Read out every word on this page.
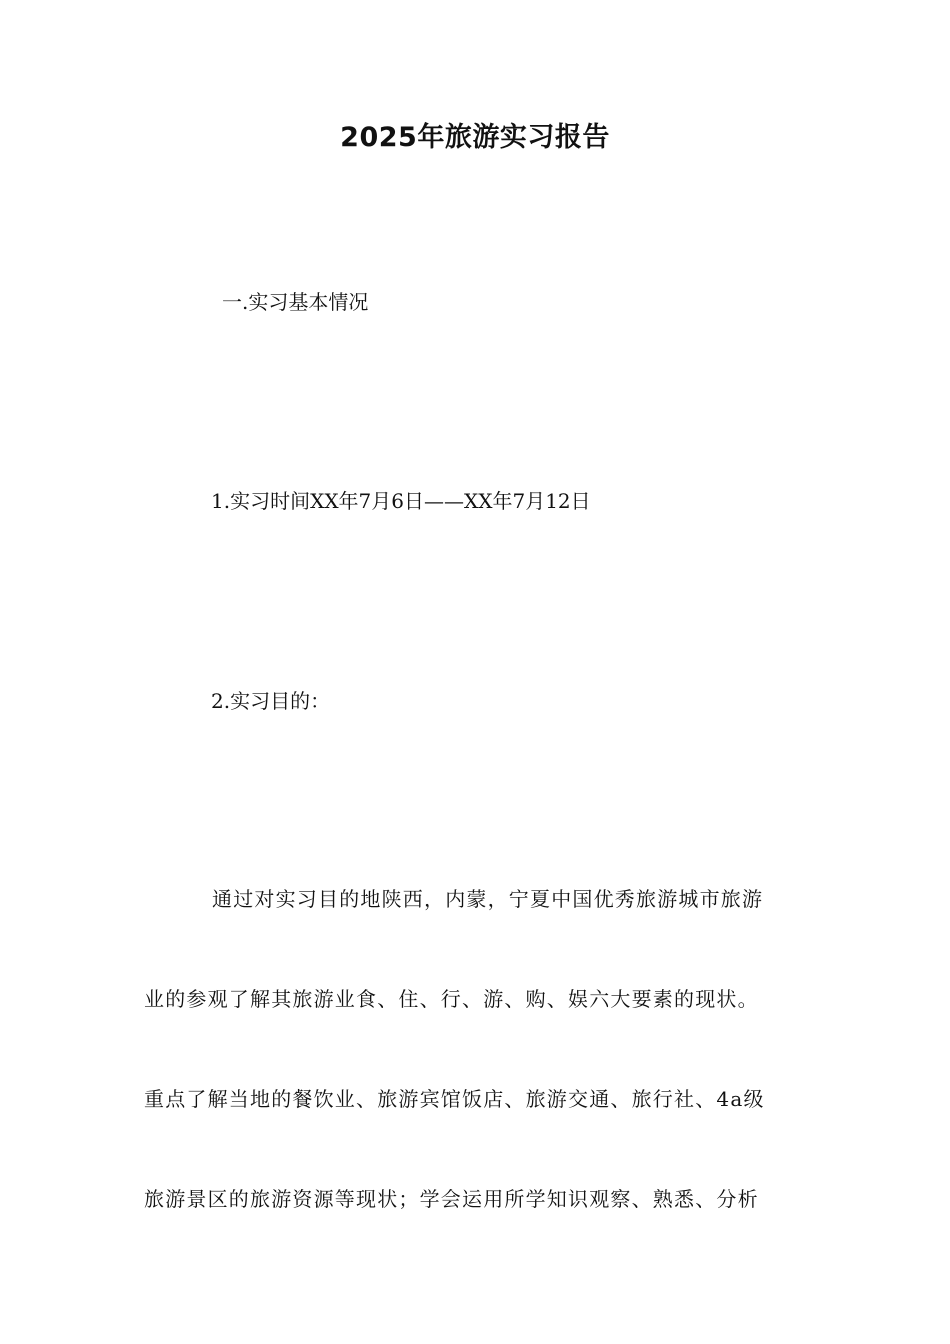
2025年旅游实习报告
一.实习基本情况
1.实习时间XX年7月6日——XX年7月12日
2.实习目的：
通过对实习目的地陕西，内蒙，宁夏中国优秀旅游城市旅游
业的参观了解其旅游业食、住、行、游、购、娱六大要素的现状。
重点了解当地的餐饮业、旅游宾馆饭店、旅游交通、旅行社、4a级
旅游景区的旅游资源等现状；学会运用所学知识观察、熟悉、分析
